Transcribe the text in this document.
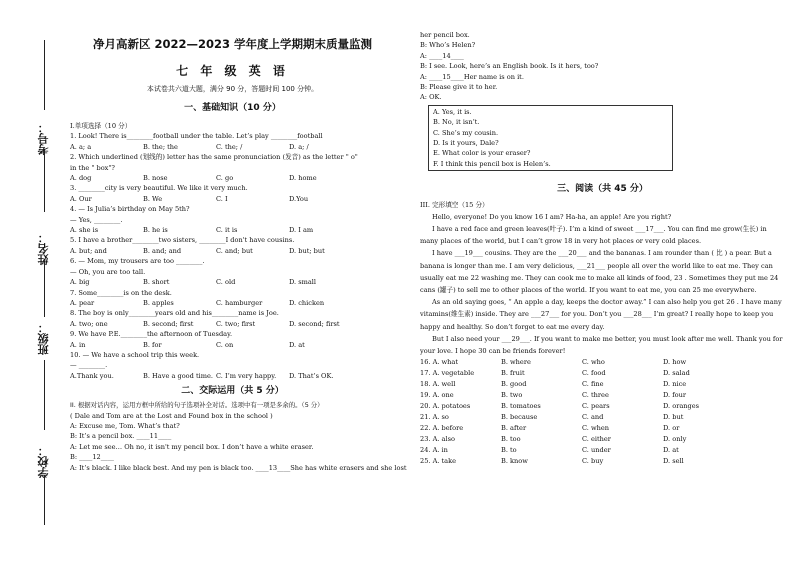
考号：
姓名：
班级：
学校：
净月高新区 2022—2023 学年度上学期期末质量监测
七 年 级 英 语
本试卷共六道大题，满分 90 分，答题时间 100 分钟。
一、基础知识（10 分）
I.单项选择（10 分）
1. Look! There is________football under the table. Let’s play ________football
A. a; a	B. the; the	C. the; /	D. a; /
2. Which underlined (划线的) letter has the same pronunciation (发音) as the letter " o"
in the " box"?
A. dog	B. nose	C. go	D. home
3. ________city is very beautiful. We like it very much.
A. Our	B. We	C. I	D.You
4. — Is Julia’s birthday on May 5th?
— Yes, ________.
A. she is	B. he is	C. it is	D. I am
5. I have a brother________two sisters, ________I don't have cousins.
A. but; and	B. and; and	C. and; but	D. but; but
6. — Mom, my trousers are too ________.
— Oh, you are too tall.
A. big	B. short	C. old	D. small
7. Some________is on the desk.
A. pear	B. apples	C. hamburger	D. chicken
8. The boy is only________years old and his________name is Joe.
A. two; one	B. second; first	C. two; first	D. second; first
9. We have P.E.________the afternoon of Tuesday.
A. in	B. for	C. on	D. at
10. — We have a school trip this week.
— ________.
A.Thank you.	B. Have a good time. C. I’m very happy.	D. That’s OK.
二、交际运用（共 5 分）
II. 根据对话内容，运用方框中所给的句子选项补全对话。选项中有一项是多余的。（5 分）
( Dale and Tom are at the Lost and Found box in the school )
A: Excuse me, Tom. What’s that?
B: It’s a pencil box. ____11____
A: Let me see… Oh no, it isn't my pencil box. I don’t have a white eraser.
B: ____12____
A: It’s black. I like black best. And my pen is black too. ____13____She has white erasers and she lost
her pencil box.
B: Who’s Helen?
A: ____14____
B: I see. Look, here’s an English book. Is it hers, too?
A: ____15____Her name is on it.
B: Please give it to her.
A: OK.
A. Yes, it is.
B. No, it isn’t.
C. She’s my cousin.
D. Is it yours, Dale?
E. What color is your eraser?
F. I think this pencil box is Helen’s.
三、阅读（共 45 分）
III. 完形填空（15 分）
Hello, everyone! Do you know 16 I am? Ha-ha, an apple! Are you right?
I have a red face and green leaves(叶子). I’m a kind of sweet ___17___. You can find me grow(生长) in many places of the world, but I can’t grow 18 in very hot places or very cold places.
I have ___19___ cousins. They are the ___20___ and the bananas. I am rounder than ( 比 ) a pear. But a banana is longer than me. I am very delicious, ___21___ people all over the world like to eat me. They can usually eat me 22 washing me. They can cook me to make all kinds of food, 23 . Sometimes they put me 24 cans (罐子) to sell me to other places of the world. If you want to eat me, you can 25 me everywhere.
As an old saying goes, “ An apple a day, keeps the doctor away.” I can also help you get 26 . I have many vitamins(维生素) inside. They are ___27___ for you. Don’t you ___28___ I’m great? I really hope to keep you happy and healthy. So don’t forget to eat me every day.
But I also need your ___29___. If you want to make me better, you must look after me well. Thank you for your love. I hope 30 can be friends forever!
16. A. what	B. where	C. who	D. how
17. A. vegetable	B. fruit	C. food	D. salad
18. A. well	B. good	C. fine	D. nice
19. A. one	B. two	C. three	D. four
20. A. potatoes	B. tomatoes	C. pears	D. oranges
21. A. so	B. because	C. and	D. but
22. A. before	B. after	C. when	D. or
23. A. also	B. too	C. either	D. only
24. A. in	B. to	C. under	D. at
25. A. take	B. know	C. buy	D. sell
